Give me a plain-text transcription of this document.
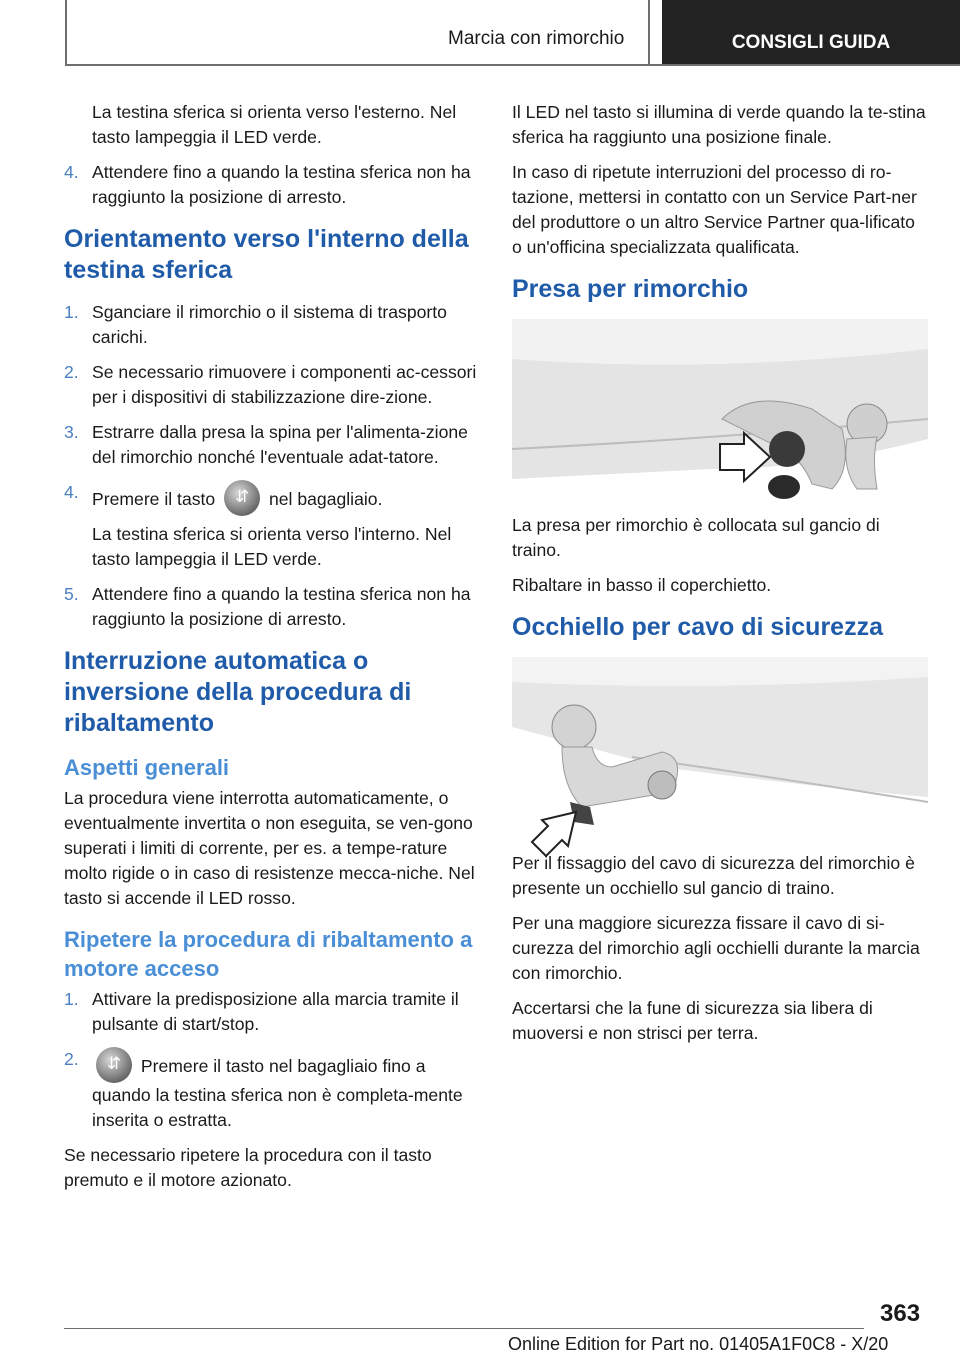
Marcia con rimorchio	CONSIGLI GUIDA

La testina sferica si orienta verso l'esterno. Nel tasto lampeggia il LED verde.

4. Attendere fino a quando la testina sferica non ha raggiunto la posizione di arresto.
Orientamento verso l'interno della testina sferica
1. Sganciare il rimorchio o il sistema di trasporto carichi.
2. Se necessario rimuovere i componenti ac-cessori per i dispositivi di stabilizzazione dire-zione.
3. Estrarre dalla presa la spina per l'alimenta-zione del rimorchio nonché l'eventuale adat-tatore.
4. Premere il tasto ⇵	nel bagagliaio.

La testina sferica si orienta verso l'interno. Nel tasto lampeggia il LED verde.

5. Attendere fino a quando la testina sferica non ha raggiunto la posizione di arresto.
Interruzione automatica o inversione della procedura di ribaltamento
Aspetti generali

La procedura viene interrotta automaticamente, o eventualmente invertita o non eseguita, se ven-gono superati i limiti di corrente, per es. a tempe-rature molto rigide o in caso di resistenze mecca-niche. Nel tasto si accende il LED rosso.

Ripetere la procedura di ribaltamento a motore acceso
1. Attivare la predisposizione alla marcia tramite il pulsante di start/stop.
2. ⇵	Premere il tasto nel bagagliaio fino a quando la testina sferica non è completa-mente inserita o estratta.

Se necessario ripetere la procedura con il tasto premuto e il motore azionato.

Il LED nel tasto si illumina di verde quando la te-stina sferica ha raggiunto una posizione finale.

In caso di ripetute interruzioni del processo di ro-tazione, mettersi in contatto con un Service Part-ner del produttore o un altro Service Partner qua-lificato o un'officina specializzata qualificata.

Presa per rimorchio

La presa per rimorchio è collocata sul gancio di traino.

Ribaltare in basso il coperchietto.

Occhiello per cavo di sicurezza

Per il fissaggio del cavo di sicurezza del rimorchio è presente un occhiello sul gancio di traino.

Per una maggiore sicurezza fissare il cavo di si-curezza del rimorchio agli occhielli durante la marcia con rimorchio.

Accertarsi che la fune di sicurezza sia libera di muoversi e non strisci per terra.

363
Online Edition for Part no. 01405A1F0C8 - X/20
